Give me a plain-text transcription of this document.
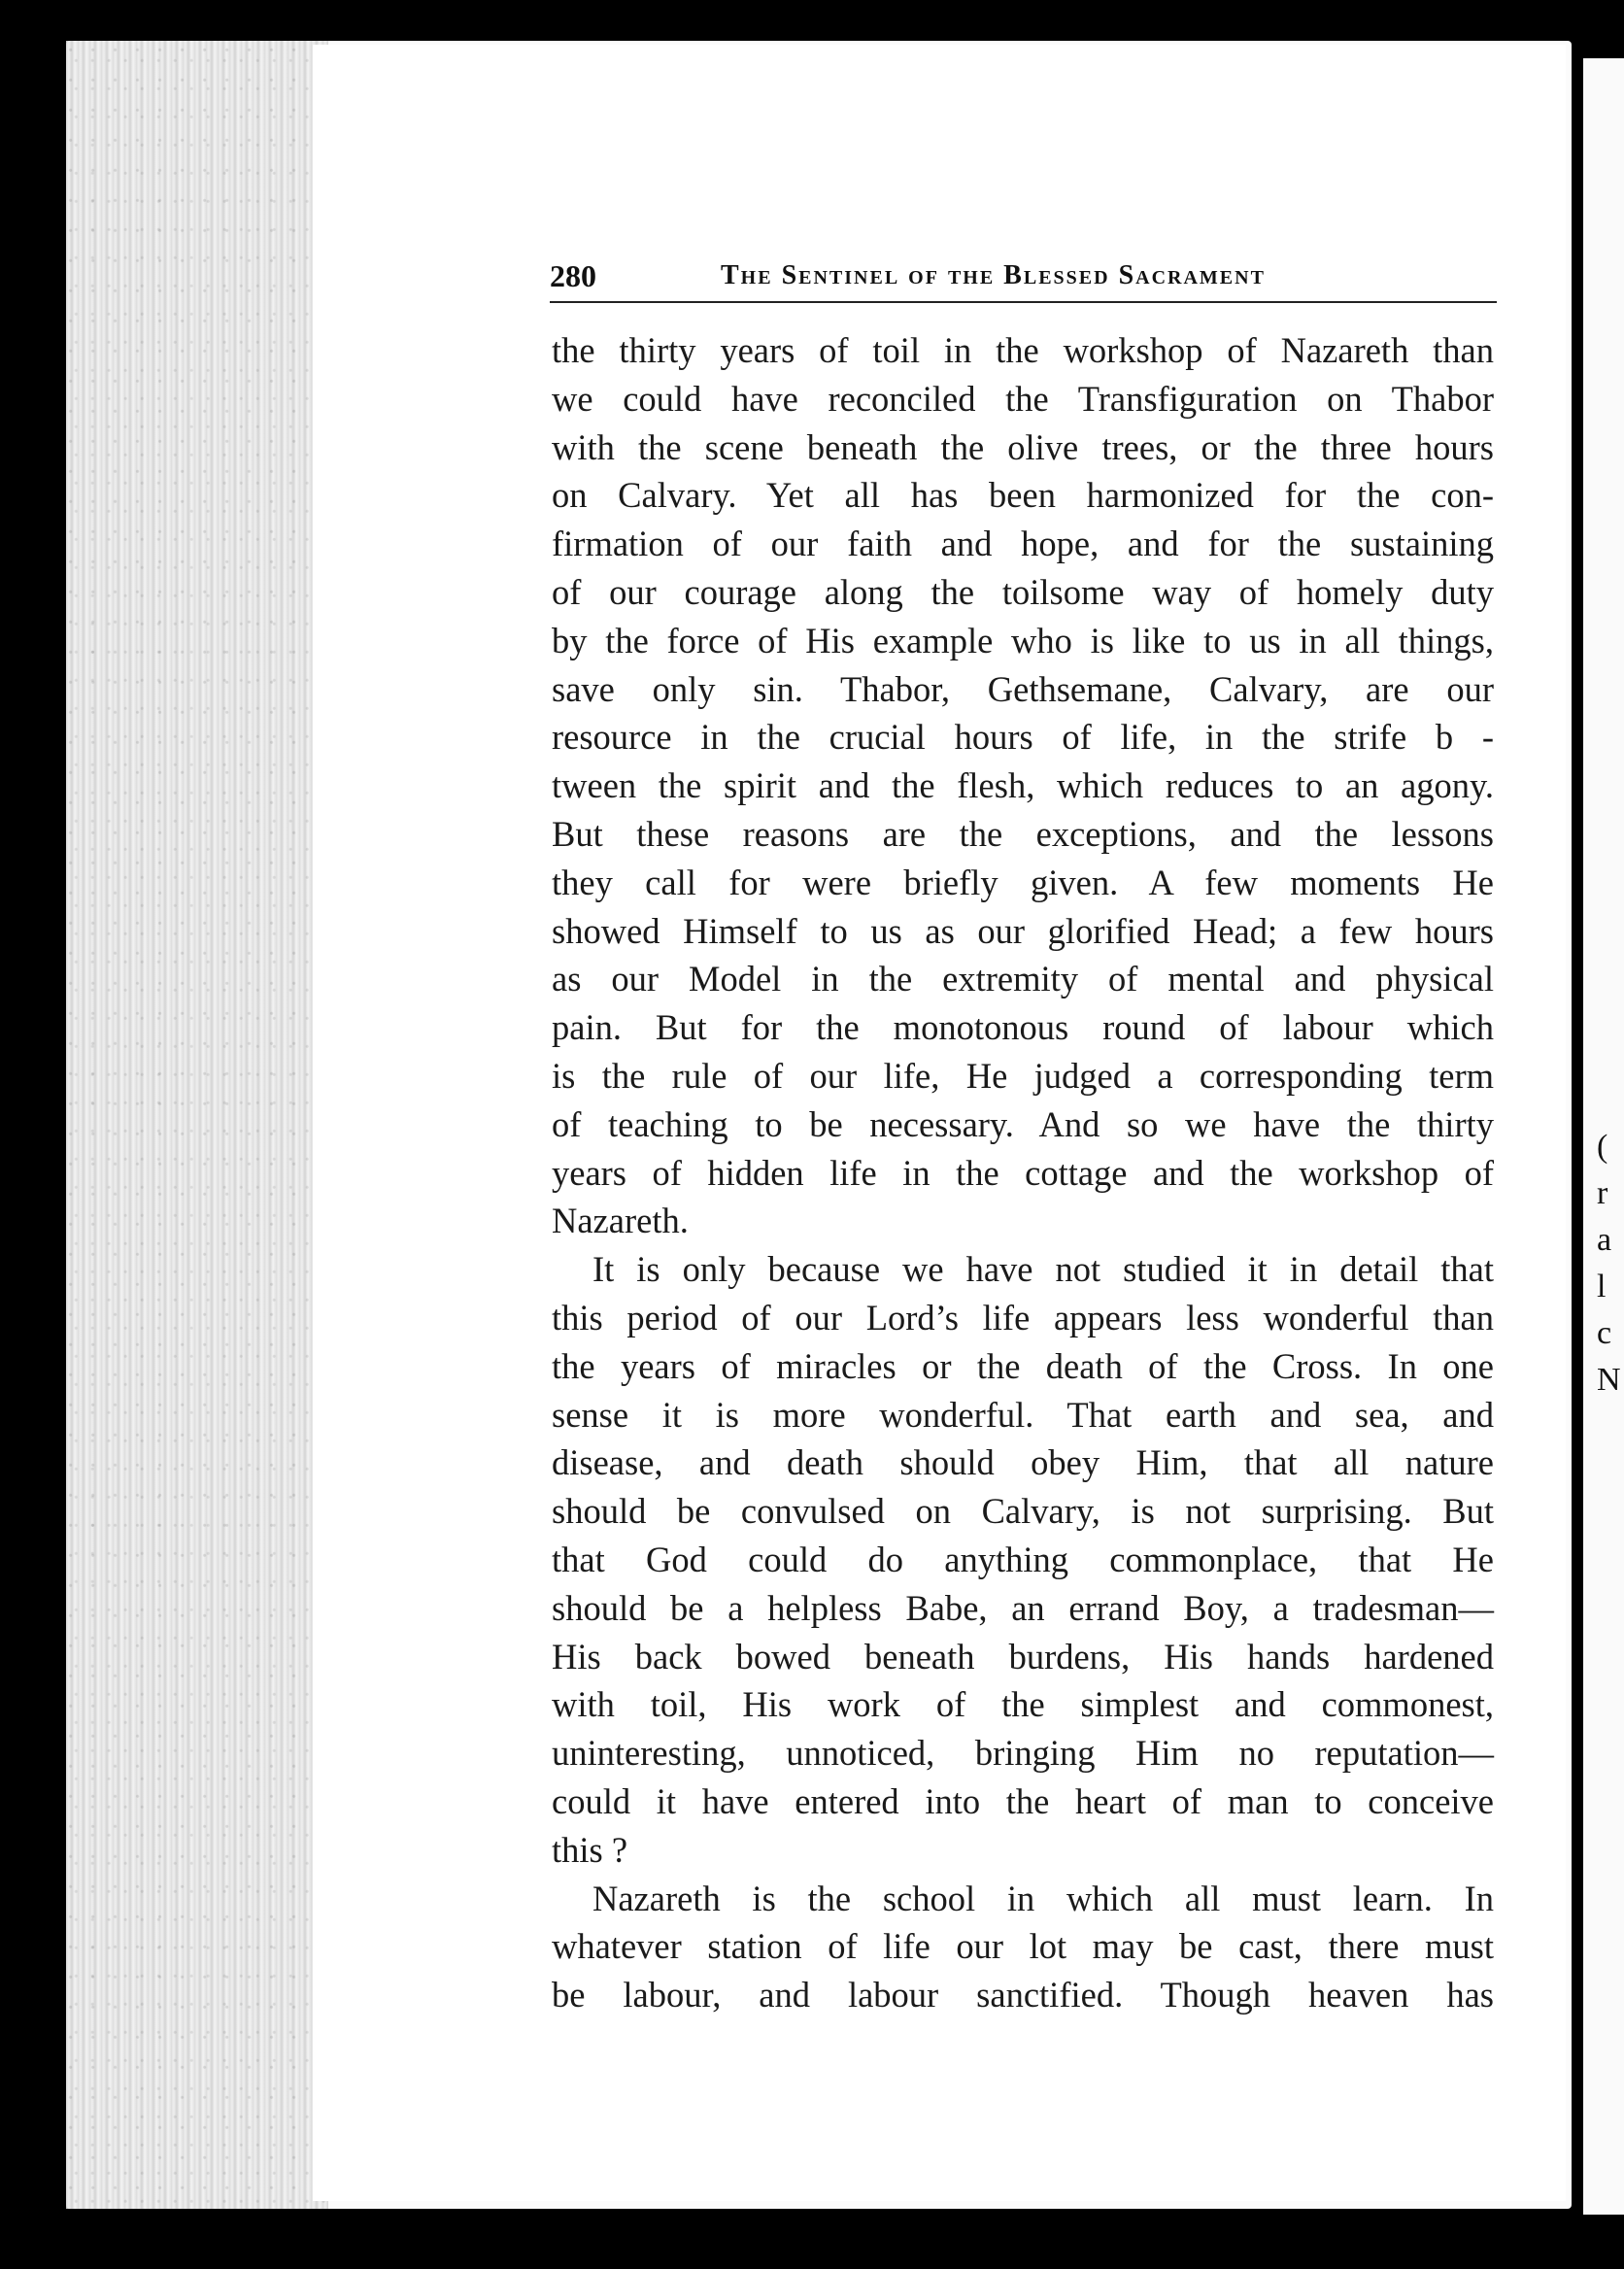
(
r
a
l
c
N
280	The Sentinel of the Blessed Sacrament
the thirty years of toil in the workshop of Nazareth than
we could have reconciled the Transfiguration on Thabor
with the scene beneath the olive trees, or the three hours
on Calvary. Yet all has been harmonized for the con-
firmation of our faith and hope, and for the sustaining
of our courage along the toilsome way of homely duty
by the force of His example who is like to us in all things,
save only sin. Thabor, Gethsemane, Calvary, are our
resource in the crucial hours of life, in the strife b -
tween the spirit and the flesh, which reduces to an agony.
But these reasons are the exceptions, and the lessons
they call for were briefly given. A few moments He
showed Himself to us as our glorified Head; a few hours
as our Model in the extremity of mental and physical
pain. But for the monotonous round of labour which
is the rule of our life, He judged a corresponding term
of teaching to be necessary. And so we have the thirty
years of hidden life in the cottage and the workshop of
Nazareth.
It is only because we have not studied it in detail that
this period of our Lord’s life appears less wonderful than
the years of miracles or the death of the Cross. In one
sense it is more wonderful. That earth and sea, and
disease, and death should obey Him, that all nature
should be convulsed on Calvary, is not surprising. But
that God could do anything commonplace, that He
should be a helpless Babe, an errand Boy, a tradesman—
His back bowed beneath burdens, His hands hardened
with toil, His work of the simplest and commonest,
uninteresting, unnoticed, bringing Him no reputation—
could it have entered into the heart of man to conceive
this ?
Nazareth is the school in which all must learn. In
whatever station of life our lot may be cast, there must
be labour, and labour sanctified. Though heaven has
